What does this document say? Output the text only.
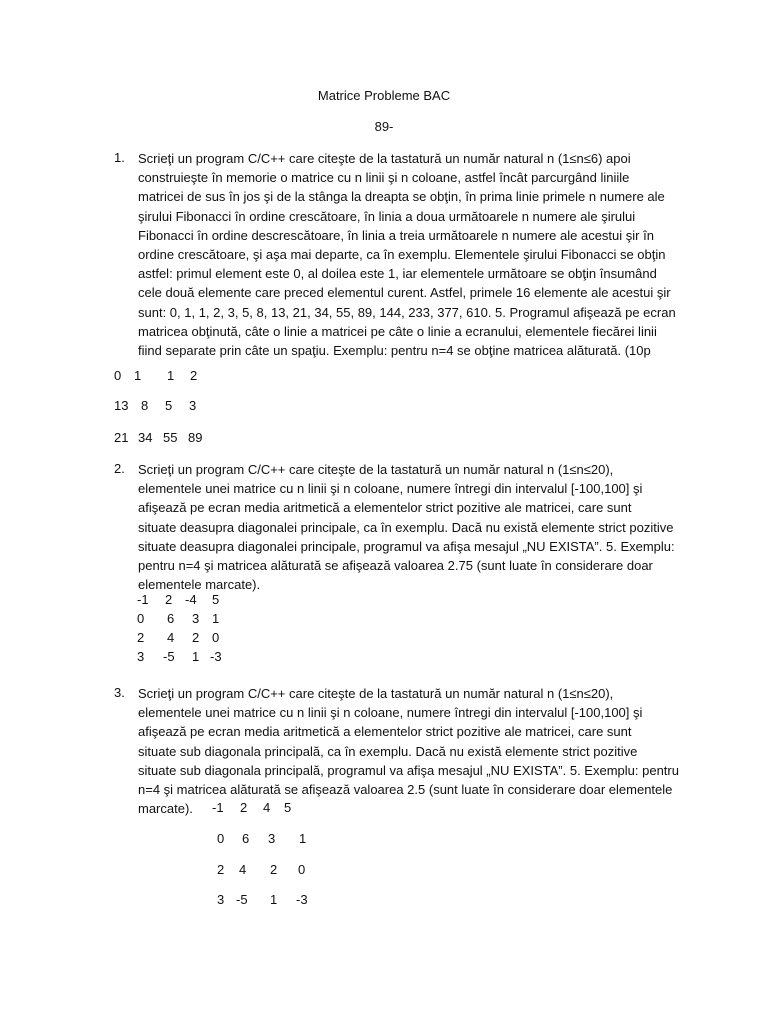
Matrice Probleme BAC
89-
1. Scrieţi un program C/C++ care citeşte de la tastatură un număr natural n (1≤n≤6) apoi
construieşte în memorie o matrice cu n linii şi n coloane, astfel încât parcurgând liniile
matricei de sus în jos şi de la stânga la dreapta se obţin, în prima linie primele n numere ale
şirului Fibonacci în ordine crescătoare, în linia a doua următoarele n numere ale şirului
Fibonacci în ordine descrescătoare, în linia a treia următoarele n numere ale acestui şir în
ordine crescătoare, şi aşa mai departe, ca în exemplu. Elementele şirului Fibonacci se obţin
astfel: primul element este 0, al doilea este 1, iar elementele următoare se obţin însumând
cele două elemente care preced elementul curent. Astfel, primele 16 elemente ale acestui şir
sunt: 0, 1, 1, 2, 3, 5, 8, 13, 21, 34, 55, 89, 144, 233, 377, 610. 5. Programul afişează pe ecran
matricea obţinută, câte o linie a matricei pe câte o linie a ecranului, elementele fiecărei linii
fiind separate prin câte un spaţiu. Exemplu: pentru n=4 se obţine matricea alăturată. (10p
0 1 1 2
13 8 5 3
21 34 55 89
2. Scrieţi un program C/C++ care citeşte de la tastatură un număr natural n (1≤n≤20),
elementele unei matrice cu n linii şi n coloane, numere întregi din intervalul [-100,100] şi
afişează pe ecran media aritmetică a elementelor strict pozitive ale matricei, care sunt
situate deasupra diagonalei principale, ca în exemplu. Dacă nu există elemente strict pozitive
situate deasupra diagonalei principale, programul va afişa mesajul „NU EXISTA”. 5. Exemplu:
pentru n=4 şi matricea alăturată se afişează valoarea 2.75 (sunt luate în considerare doar
elementele marcate).
-1 2 -4 5
0 6 3 1
2 4 2 0
3 -5 1 -3
3. Scrieţi un program C/C++ care citeşte de la tastatură un număr natural n (1≤n≤20),
elementele unei matrice cu n linii şi n coloane, numere întregi din intervalul [-100,100] şi
afişează pe ecran media aritmetică a elementelor strict pozitive ale matricei, care sunt
situate sub diagonala principală, ca în exemplu. Dacă nu există elemente strict pozitive
situate sub diagonala principală, programul va afişa mesajul „NU EXISTA”. 5. Exemplu: pentru
n=4 şi matricea alăturată se afişează valoarea 2.5 (sunt luate în considerare doar elementele
marcate).	-1 2 4 5
0 6 3 1
2 4 2 0
3 -5 1 -3
